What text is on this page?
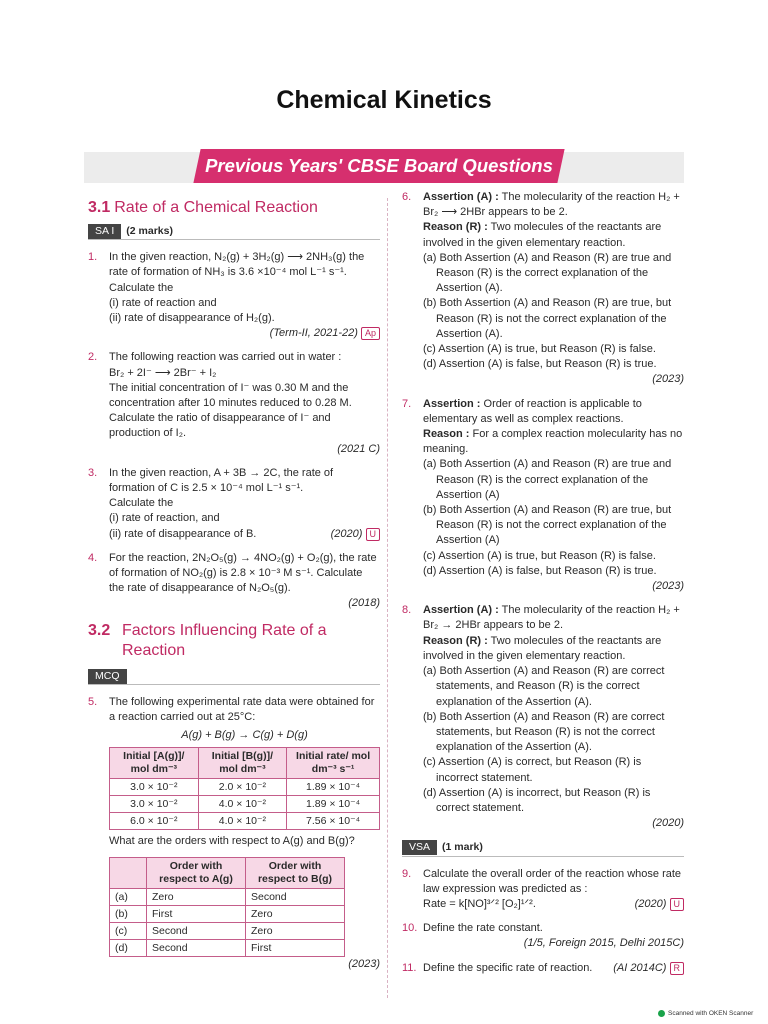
Chemical Kinetics
Previous Years' CBSE Board Questions
3.1 Rate of a Chemical Reaction
SA I	(2 marks)
1.	In the given reaction, N₂(g) + 3H₂(g) ⟶ 2NH₃(g) the
rate of formation of NH₃ is 3.6 ×10⁻⁴ mol L⁻¹ s⁻¹.
Calculate the
(i) rate of reaction and
(ii) rate of disappearance of H₂(g).
(Term-II, 2021-22) Ap
2.	The following reaction was carried out in water :
Br₂ + 2I⁻ ⟶ 2Br⁻ + I₂
The initial concentration of I⁻ was 0.30 M and the concentration after 10 minutes reduced to 0.28 M. Calculate the ratio of disappearance of I⁻ and production of I₂.
(2021 C)
3.	In the given reaction, A + 3B → 2C, the rate of formation of C is 2.5 × 10⁻⁴ mol L⁻¹ s⁻¹.
Calculate the
(i) rate of reaction, and
(ii) rate of disappearance of B.	(2020) U
4.	For the reaction, 2N₂O₅(g) → 4NO₂(g) + O₂(g), the rate of formation of NO₂(g) is 2.8 × 10⁻³ M s⁻¹. Calculate the rate of disappearance of N₂O₅(g).
(2018)
3.2 Factors Influencing Rate of a Reaction
MCQ
5.	The following experimental rate data were obtained for a reaction carried out at 25°C:
A(g) + B(g) → C(g) + D(g)
Initial [A(g)]/ mol dm⁻³	Initial [B(g)]/ mol dm⁻³	Initial rate/ mol dm⁻³ s⁻¹
3.0 × 10⁻²	2.0 × 10⁻²	1.89 × 10⁻⁴
3.0 × 10⁻²	4.0 × 10⁻²	1.89 × 10⁻⁴
6.0 × 10⁻²	4.0 × 10⁻²	7.56 × 10⁻⁴
What are the orders with respect to A(g) and B(g)?
	Order with respect to A(g)	Order with respect to B(g)
(a)	Zero	Second
(b)	First	Zero
(c)	Second	Zero
(d)	Second	First
(2023)
6.	Assertion (A) : The molecularity of the reaction H₂ + Br₂ ⟶ 2HBr appears to be 2.
Reason (R) : Two molecules of the reactants are involved in the given elementary reaction.
(a) Both Assertion (A) and Reason (R) are true and Reason (R) is the correct explanation of the Assertion (A).
(b) Both Assertion (A) and Reason (R) are true, but Reason (R) is not the correct explanation of the Assertion (A).
(c) Assertion (A) is true, but Reason (R) is false.
(d) Assertion (A) is false, but Reason (R) is true.
(2023)
7.	Assertion : Order of reaction is applicable to elementary as well as complex reactions.
Reason : For a complex reaction molecularity has no meaning.
(a) Both Assertion (A) and Reason (R) are true and Reason (R) is the correct explanation of the Assertion (A)
(b) Both Assertion (A) and Reason (R) are true, but Reason (R) is not the correct explanation of the Assertion (A)
(c) Assertion (A) is true, but Reason (R) is false.
(d) Assertion (A) is false, but Reason (R) is true.
(2023)
8.	Assertion (A) : The molecularity of the reaction H₂ + Br₂ → 2HBr appears to be 2.
Reason (R) : Two molecules of the reactants are involved in the given elementary reaction.
(a) Both Assertion (A) and Reason (R) are correct statements, and Reason (R) is the correct explanation of the Assertion (A).
(b) Both Assertion (A) and Reason (R) are correct statements, but Reason (R) is not the correct explanation of the Assertion (A).
(c) Assertion (A) is correct, but Reason (R) is incorrect statement.
(d) Assertion (A) is incorrect, but Reason (R) is correct statement.
(2020)
VSA	(1 mark)
9.	Calculate the overall order of the reaction whose rate law expression was predicted as :
Rate = k[NO]³ᐟ² [O₂]¹ᐟ².	(2020) U
10. Define the rate constant.
(1/5, Foreign 2015, Delhi 2015C)
11. Define the specific rate of reaction. (AI 2014C) R
Scanned with OKEN Scanner
